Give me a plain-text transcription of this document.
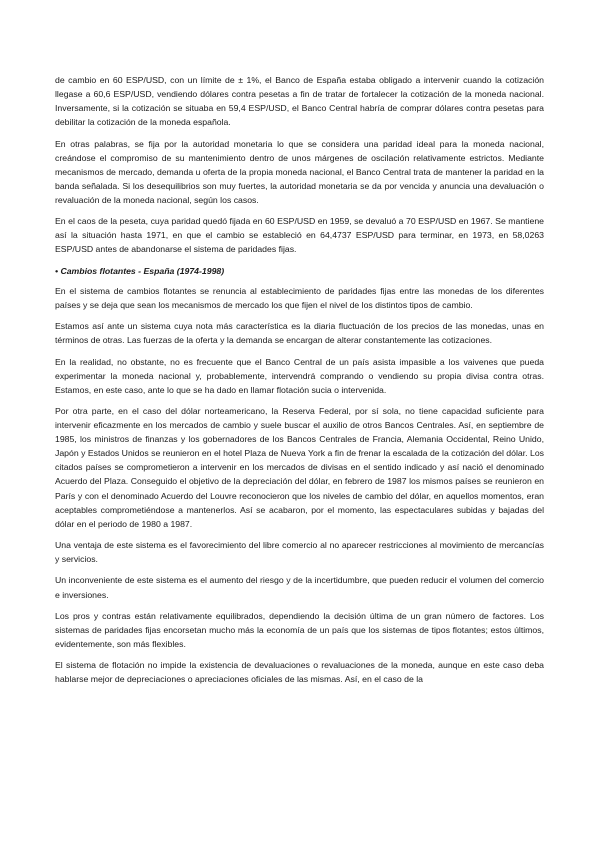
de cambio en 60 ESP/USD, con un límite de ± 1%, el Banco de España estaba obligado a intervenir cuando la cotización llegase a 60,6 ESP/USD, vendiendo dólares contra pesetas a fin de tratar de fortalecer la cotización de la moneda nacional. Inversamente, si la cotización se situaba en 59,4 ESP/USD, el Banco Central habría de comprar dólares contra pesetas para debilitar la cotización de la moneda española.

En otras palabras, se fija por la autoridad monetaria lo que se considera una paridad ideal para la moneda nacional, creándose el compromiso de su mantenimiento dentro de unos márgenes de oscilación relativamente estrictos. Mediante mecanismos de mercado, demanda u oferta de la propia moneda nacional, el Banco Central trata de mantener la paridad en la banda señalada. Si los desequilibrios son muy fuertes, la autoridad monetaria se da por vencida y anuncia una devaluación o revaluación de la moneda nacional, según los casos.

En el caos de la peseta, cuya paridad quedó fijada en 60 ESP/USD en 1959, se devaluó a 70 ESP/USD en 1967. Se mantiene así la situación hasta 1971, en que el cambio se estableció en 64,4737 ESP/USD para terminar, en 1973, en 58,0263 ESP/USD antes de abandonarse el sistema de paridades fijas.

• Cambios flotantes - España (1974-1998)

En el sistema de cambios flotantes se renuncia al establecimiento de paridades fijas entre las monedas de los diferentes países y se deja que sean los mecanismos de mercado los que fijen el nivel de los distintos tipos de cambio.

Estamos así ante un sistema cuya nota más característica es la diaria fluctuación de los precios de las monedas, unas en términos de otras. Las fuerzas de la oferta y la demanda se encargan de alterar constantemente las cotizaciones.

En la realidad, no obstante, no es frecuente que el Banco Central de un país asista impasible a los vaivenes que pueda experimentar la moneda nacional y, probablemente, intervendrá comprando o vendiendo su propia divisa contra otras. Estamos, en este caso, ante lo que se ha dado en llamar flotación sucia o intervenida.

Por otra parte, en el caso del dólar norteamericano, la Reserva Federal, por sí sola, no tiene capacidad suficiente para intervenir eficazmente en los mercados de cambio y suele buscar el auxilio de otros Bancos Centrales. Así, en septiembre de 1985, los ministros de finanzas y los gobernadores de los Bancos Centrales de Francia, Alemania Occidental, Reino Unido, Japón y Estados Unidos se reunieron en el hotel Plaza de Nueva York a fin de frenar la escalada de la cotización del dólar. Los citados países se comprometieron a intervenir en los mercados de divisas en el sentido indicado y así nació el denominado Acuerdo del Plaza. Conseguido el objetivo de la depreciación del dólar, en febrero de 1987 los mismos países se reunieron en París y con el denominado Acuerdo del Louvre reconocieron que los niveles de cambio del dólar, en aquellos momentos, eran aceptables comprometiéndose a mantenerlos. Así se acabaron, por el momento, las espectaculares subidas y bajadas del dólar en el periodo de 1980 a 1987.

Una ventaja de este sistema es el favorecimiento del libre comercio al no aparecer restricciones al movimiento de mercancías y servicios.

Un inconveniente de este sistema es el aumento del riesgo y de la incertidumbre, que pueden reducir el volumen del comercio e inversiones.

Los pros y contras están relativamente equilibrados, dependiendo la decisión última de un gran número de factores. Los sistemas de paridades fijas encorsetan mucho más la economía de un país que los sistemas de tipos flotantes; estos últimos, evidentemente, son más flexibles.

El sistema de flotación no impide la existencia de devaluaciones o revaluaciones de la moneda, aunque en este caso deba hablarse mejor de depreciaciones o apreciaciones oficiales de las mismas. Así, en el caso de la
